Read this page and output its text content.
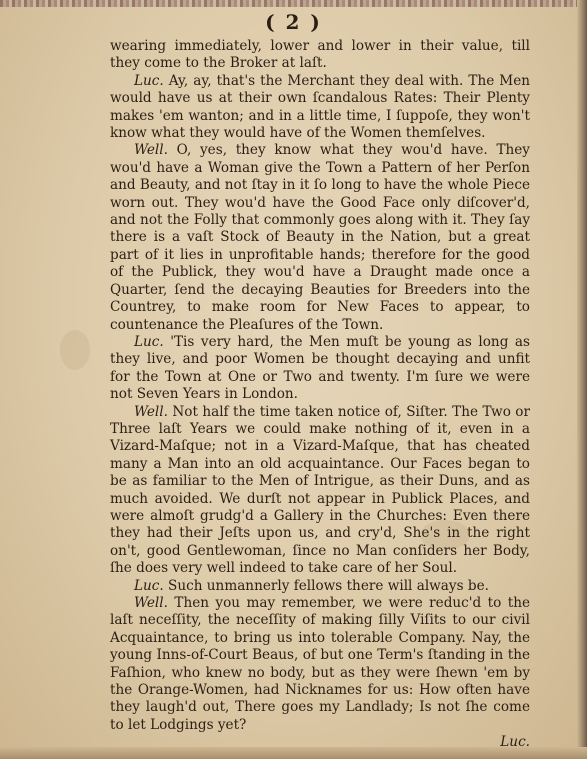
( 2 )

wearing immediately, lower and lower in their value, till they come to the Broker at laſt.

Luc. Ay, ay, that's the Merchant they deal with. The Men would have us at their own ſcandalous Rates: Their Plenty makes 'em wanton; and in a little time, I ſuppoſe, they won't know what they would have of the Women themſelves.

Well. O, yes, they know what they wou'd have. They wou'd have a Woman give the Town a Pattern of her Perſon and Beauty, and not ſtay in it ſo long to have the whole Piece worn out. They wou'd have the Good Face only diſcover'd, and not the Folly that commonly goes along with it. They ſay there is a vaſt Stock of Beauty in the Nation, but a great part of it lies in unprofitable hands; therefore for the good of the Publick, they wou'd have a Draught made once a Quarter, ſend the decaying Beauties for Breeders into the Countrey, to make room for New Faces to appear, to countenance the Pleaſures of the Town.

Luc. 'Tis very hard, the Men muſt be young as long as they live, and poor Women be thought decaying and unfit for the Town at One or Two and twenty. I'm ſure we were not Seven Years in London.

Well. Not half the time taken notice of, Siſter. The Two or Three laſt Years we could make nothing of it, even in a Vizard-Maſque; not in a Vizard-Maſque, that has cheated many a Man into an old acquaintance. Our Faces began to be as familiar to the Men of Intrigue, as their Duns, and as much avoided. We durſt not appear in Publick Places, and were almoſt grudg'd a Gallery in the Churches: Even there they had their Jeſts upon us, and cry'd, She's in the right on't, good Gentlewoman, ſince no Man conſiders her Body, ſhe does very well indeed to take care of her Soul.

Luc. Such unmannerly fellows there will always be.

Well. Then you may remember, we were reduc'd to the laſt neceſſity, the neceſſity of making ſilly Viſits to our civil Acquaintance, to bring us into tolerable Company. Nay, the young Inns-of-Court Beaus, of but one Term's ſtanding in the Faſhion, who knew no body, but as they were ſhewn 'em by the Orange-Women, had Nicknames for us: How often have they laugh'd out, There goes my Landlady; Is not ſhe come to let Lodgings yet?

Luc.
